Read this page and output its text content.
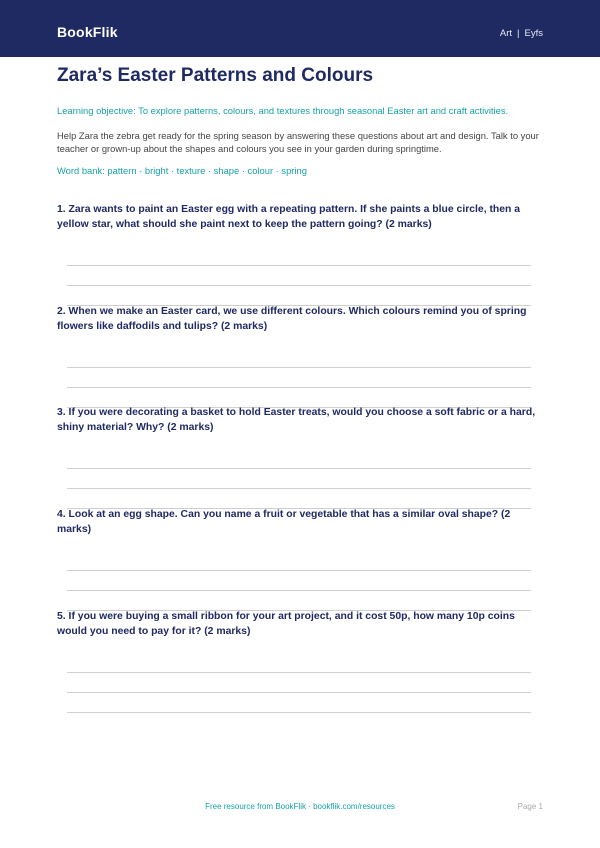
BookFlik	Art | Eyfs
Zara’s Easter Patterns and Colours

Learning objective: To explore patterns, colours, and textures through seasonal Easter art and craft activities.

Help Zara the zebra get ready for the spring season by answering these questions about art and design. Talk to your teacher or grown-up about the shapes and colours you see in your garden during springtime.

Word bank: pattern · bright · texture · shape · colour · spring

1. Zara wants to paint an Easter egg with a repeating pattern. If she paints a blue circle, then a yellow star, what should she paint next to keep the pattern going? (2 marks)

2. When we make an Easter card, we use different colours. Which colours remind you of spring flowers like daffodils and tulips? (2 marks)

3. If you were decorating a basket to hold Easter treats, would you choose a soft fabric or a hard, shiny material? Why? (2 marks)

4. Look at an egg shape. Can you name a fruit or vegetable that has a similar oval shape? (2 marks)

5. If you were buying a small ribbon for your art project, and it cost 50p, how many 10p coins would you need to pay for it? (2 marks)

Free resource from BookFlik · bookflik.com/resources	Page 1
